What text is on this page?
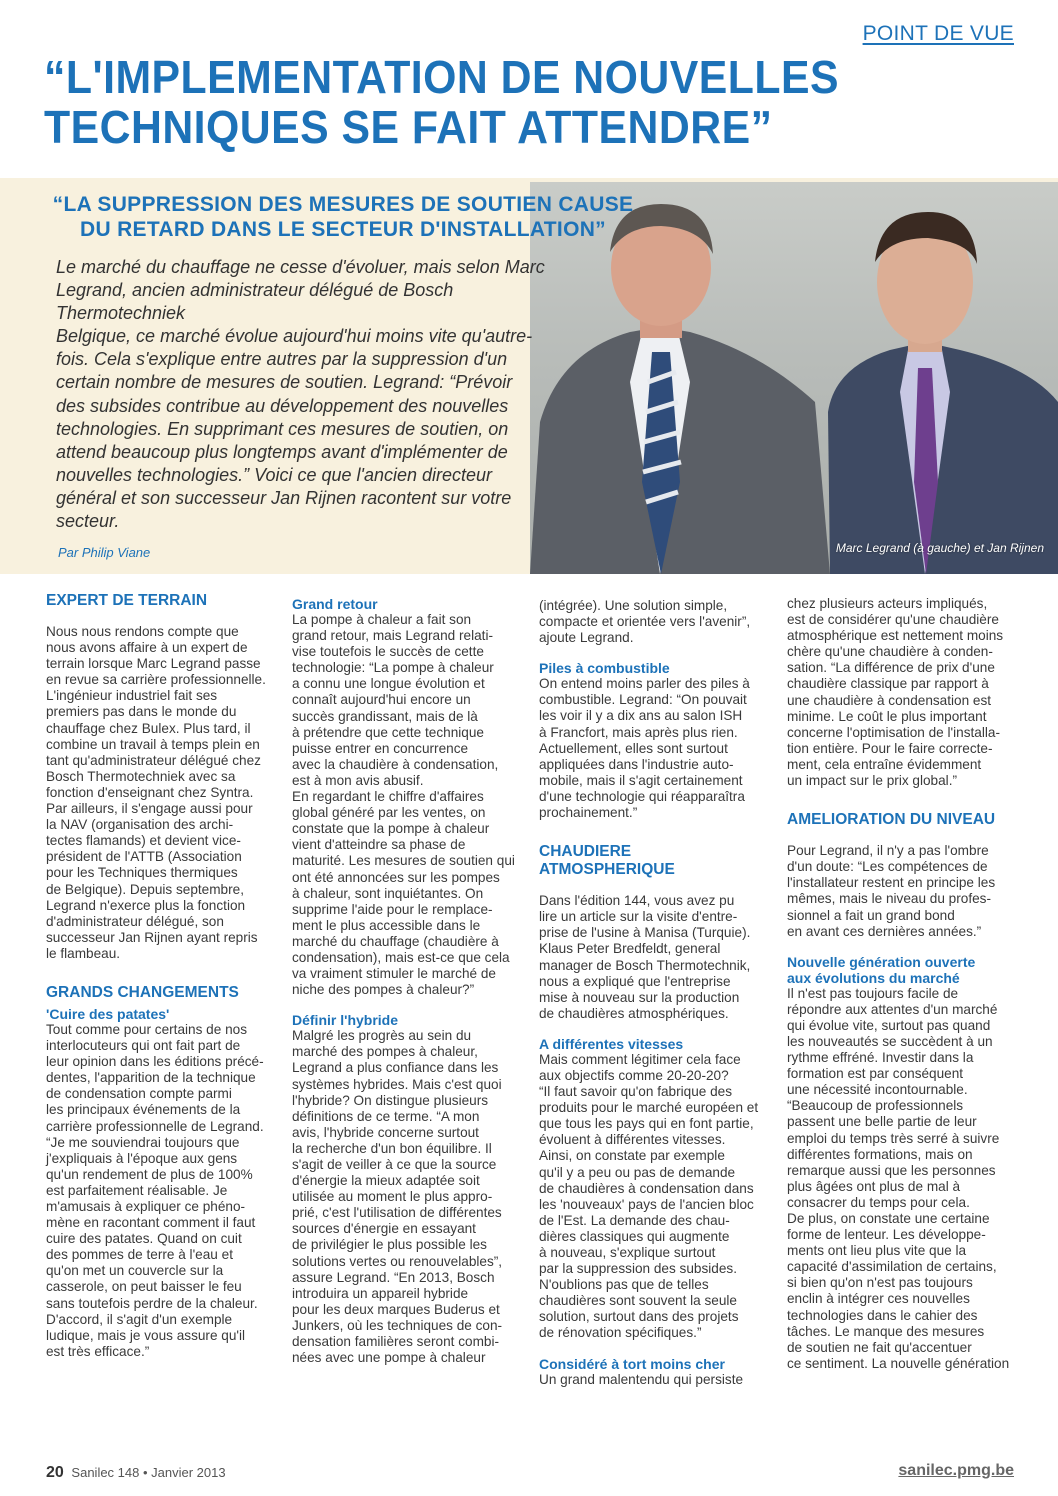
POINT DE VUE
“L'IMPLEMENTATION DE NOUVELLES
TECHNIQUES SE FAIT ATTENDRE”
“LA SUPPRESSION DES MESURES DE SOUTIEN CAUSE
DU RETARD DANS LE SECTEUR D'INSTALLATION”
Le marché du chauffage ne cesse d'évoluer, mais selon Marc
Legrand, ancien administrateur délégué de Bosch Thermotechniek
Belgique, ce marché évolue aujourd'hui moins vite qu'autre-
fois. Cela s'explique entre autres par la suppression d'un
certain nombre de mesures de soutien. Legrand: “Prévoir
des subsides contribue au développement des nouvelles
technologies. En supprimant ces mesures de soutien, on
attend beaucoup plus longtemps avant d'implémenter de
nouvelles technologies.” Voici ce que l'ancien directeur
général et son successeur Jan Rijnen racontent sur votre
secteur.
Par Philip Viane	Marc Legrand (à gauche) et Jan Rijnen
EXPERT DE TERRAIN
Nous nous rendons compte que
nous avons affaire à un expert de
terrain lorsque Marc Legrand passe
en revue sa carrière professionnelle.
L'ingénieur industriel fait ses
premiers pas dans le monde du
chauffage chez Bulex. Plus tard, il
combine un travail à temps plein en
tant qu'administrateur délégué chez
Bosch Thermotechniek avec sa
fonction d'enseignant chez Syntra.
Par ailleurs, il s'engage aussi pour
la NAV (organisation des archi-
tectes flamands) et devient vice-
président de l'ATTB (Association
pour les Techniques thermiques
de Belgique). Depuis septembre,
Legrand n'exerce plus la fonction
d'administrateur délégué, son
successeur Jan Rijnen ayant repris
le flambeau.
GRANDS CHANGEMENTS
'Cuire des patates'
Tout comme pour certains de nos
interlocuteurs qui ont fait part de
leur opinion dans les éditions précé-
dentes, l'apparition de la technique
de condensation compte parmi
les principaux événements de la
carrière professionnelle de Legrand.
“Je me souviendrai toujours que
j'expliquais à l'époque aux gens
qu'un rendement de plus de 100%
est parfaitement réalisable. Je
m'amusais à expliquer ce phéno-
mène en racontant comment il faut
cuire des patates. Quand on cuit
des pommes de terre à l'eau et
qu'on met un couvercle sur la
casserole, on peut baisser le feu
sans toutefois perdre de la chaleur.
D'accord, il s'agit d'un exemple
ludique, mais je vous assure qu'il
est très efficace.”
Grand retour
La pompe à chaleur a fait son
grand retour, mais Legrand relati-
vise toutefois le succès de cette
technologie: “La pompe à chaleur
a connu une longue évolution et
connaît aujourd'hui encore un
succès grandissant, mais de là
à prétendre que cette technique
puisse entrer en concurrence
avec la chaudière à condensation,
est à mon avis abusif.
En regardant le chiffre d'affaires
global généré par les ventes, on
constate que la pompe à chaleur
vient d'atteindre sa phase de
maturité. Les mesures de soutien qui
ont été annoncées sur les pompes
à chaleur, sont inquiétantes. On
supprime l'aide pour le remplace-
ment le plus accessible dans le
marché du chauffage (chaudière à
condensation), mais est-ce que cela
va vraiment stimuler le marché de
niche des pompes à chaleur?”
Définir l'hybride
Malgré les progrès au sein du
marché des pompes à chaleur,
Legrand a plus confiance dans les
systèmes hybrides. Mais c'est quoi
l'hybride? On distingue plusieurs
définitions de ce terme. “A mon
avis, l'hybride concerne surtout
la recherche d'un bon équilibre. Il
s'agit de veiller à ce que la source
d'énergie la mieux adaptée soit
utilisée au moment le plus appro-
prié, c'est l'utilisation de différentes
sources d'énergie en essayant
de privilégier le plus possible les
solutions vertes ou renouvelables”,
assure Legrand. “En 2013, Bosch
introduira un appareil hybride
pour les deux marques Buderus et
Junkers, où les techniques de con-
densation familières seront combi-
nées avec une pompe à chaleur
(intégrée). Une solution simple,
compacte et orientée vers l'avenir”,
ajoute Legrand.
Piles à combustible
On entend moins parler des piles à
combustible. Legrand: “On pouvait
les voir il y a dix ans au salon ISH
à Francfort, mais après plus rien.
Actuellement, elles sont surtout
appliquées dans l'industrie auto-
mobile, mais il s'agit certainement
d'une technologie qui réapparaîtra
prochainement.”
CHAUDIERE ATMOSPHERIQUE
Dans l'édition 144, vous avez pu
lire un article sur la visite d'entre-
prise de l'usine à Manisa (Turquie).
Klaus Peter Bredfeldt, general
manager de Bosch Thermotechnik,
nous a expliqué que l'entreprise
mise à nouveau sur la production
de chaudières atmosphériques.
A différentes vitesses
Mais comment légitimer cela face
aux objectifs comme 20-20-20?
“Il faut savoir qu'on fabrique des
produits pour le marché européen et
que tous les pays qui en font partie,
évoluent à différentes vitesses.
Ainsi, on constate par exemple
qu'il y a peu ou pas de demande
de chaudières à condensation dans
les 'nouveaux' pays de l'ancien bloc
de l'Est. La demande des chau-
dières classiques qui augmente
à nouveau, s'explique surtout
par la suppression des subsides.
N'oublions pas que de telles
chaudières sont souvent la seule
solution, surtout dans des projets
de rénovation spécifiques.”
Considéré à tort moins cher
Un grand malentendu qui persiste
chez plusieurs acteurs impliqués,
est de considérer qu'une chaudière
atmosphérique est nettement moins
chère qu'une chaudière à conden-
sation. “La différence de prix d'une
chaudière classique par rapport à
une chaudière à condensation est
minime. Le coût le plus important
concerne l'optimisation de l'installa-
tion entière. Pour le faire correcte-
ment, cela entraîne évidemment
un impact sur le prix global.”
AMELIORATION DU NIVEAU
Pour Legrand, il n'y a pas l'ombre
d'un doute: “Les compétences de
l'installateur restent en principe les
mêmes, mais le niveau du profes-
sionnel a fait un grand bond
en avant ces dernières années.”
Nouvelle génération ouverte
aux évolutions du marché
Il n'est pas toujours facile de
répondre aux attentes d'un marché
qui évolue vite, surtout pas quand
les nouveautés se succèdent à un
rythme effréné. Investir dans la
formation est par conséquent
une nécessité incontournable.
“Beaucoup de professionnels
passent une belle partie de leur
emploi du temps très serré à suivre
différentes formations, mais on
remarque aussi que les personnes
plus âgées ont plus de mal à
consacrer du temps pour cela.
De plus, on constate une certaine
forme de lenteur. Les développe-
ments ont lieu plus vite que la
capacité d'assimilation de certains,
si bien qu'on n'est pas toujours
enclin à intégrer ces nouvelles
technologies dans le cahier des
tâches. Le manque des mesures
de soutien ne fait qu'accentuer
ce sentiment. La nouvelle génération
20 Sanilec 148 • Janvier 2013	sanilec.pmg.be
